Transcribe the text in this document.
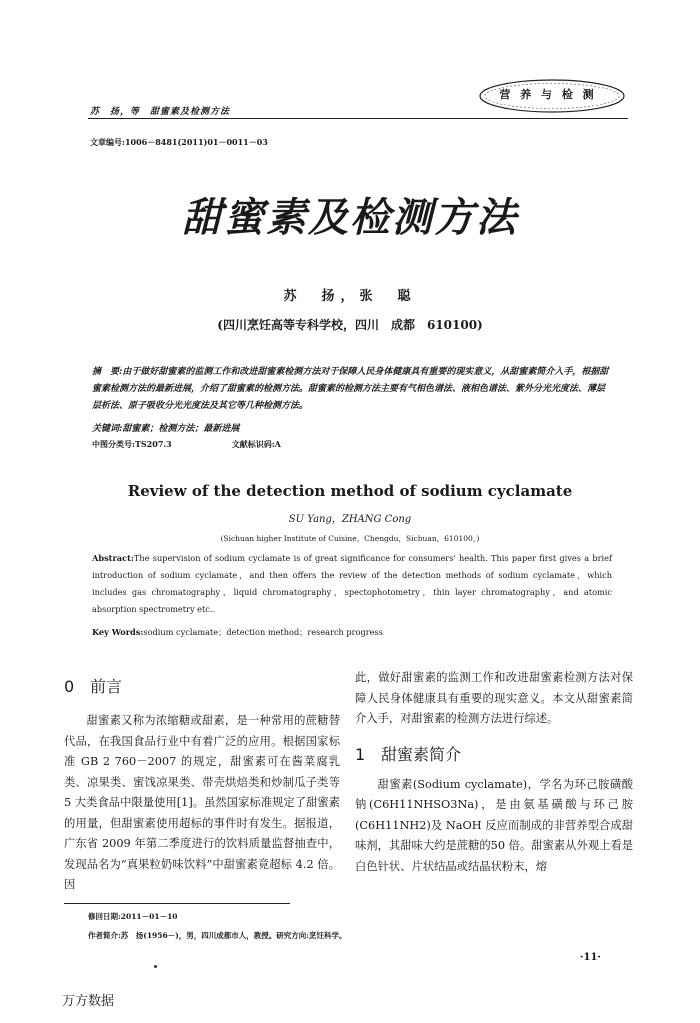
苏　扬，等　甜蜜素及检测方法
营 养 与 检 测
文章编号:1006－8481(2011)01－0011－03
甜蜜素及检测方法
苏　扬，张　聪
(四川烹饪高等专科学校，四川　成都　610100)
摘　要:由于做好甜蜜素的监测工作和改进甜蜜素检测方法对于保障人民身体健康具有重要的现实意义，从甜蜜素简介入手，根据甜蜜素检测方法的最新进展，介绍了甜蜜素的检测方法。甜蜜素的检测方法主要有气相色谱法、液相色谱法、紫外分光光度法、薄层层析法、原子吸收分光光度法及其它等几种检测方法。
关键词:甜蜜素；检测方法；最新进展
中图分类号:TS207.3	文献标识码:A
Review of the detection method of sodium cyclamate
SU Yang，ZHANG Cong
(Sichuan higher Institute of Cuisine，Chengdu，Sichuan，610100，)
Abstract:The supervision of sodium cyclamate is of great significance for consumers' health. This paper first gives a brief introduction of sodium cyclamate，and then offers the review of the detection methods of sodium cyclamate，which includes gas chromatography，liquid chromatography，spectophotometry，thin layer chromatography，and atomic absorption spectrometry etc..
Key Words:sodium cyclamate；detection method；research progress
0 前言

甜蜜素又称为浓缩糖或甜素，是一种常用的蔗糖替代品，在我国食品行业中有着广泛的应用。根据国家标准 GB 2 760－2007 的规定，甜蜜素可在酱菜腐乳类、凉果类、蜜饯凉果类、带壳烘焙类和炒制瓜子类等5 大类食品中限量使用[1]。虽然国家标准规定了甜蜜素的用量，但甜蜜素使用超标的事件时有发生。据报道，广东省 2009 年第二季度进行的饮料质量监督抽查中，发现品名为“真果粒奶味饮料”中甜蜜素竟超标 4.2 倍。因

此，做好甜蜜素的监测工作和改进甜蜜素检测方法对保障人民身体健康具有重要的现实意义。本文从甜蜜素简介入手，对甜蜜素的检测方法进行综述。

1 甜蜜素简介

甜蜜素(Sodium cyclamate)，学名为环己胺磺酸钠(C6H11NHSO3Na)，是由氨基磺酸与环己胺(C6H11NH2)及 NaOH 反应而制成的非营养型合成甜味剂，其甜味大约是蔗糖的50 倍。甜蜜素从外观上看是白色针状、片状结晶或结晶状粉末，熔

修回日期:2011－01－10
作者简介:苏　扬(1956－)，男，四川成都市人，教授。研究方向:烹饪科学。
·11·
万方数据
